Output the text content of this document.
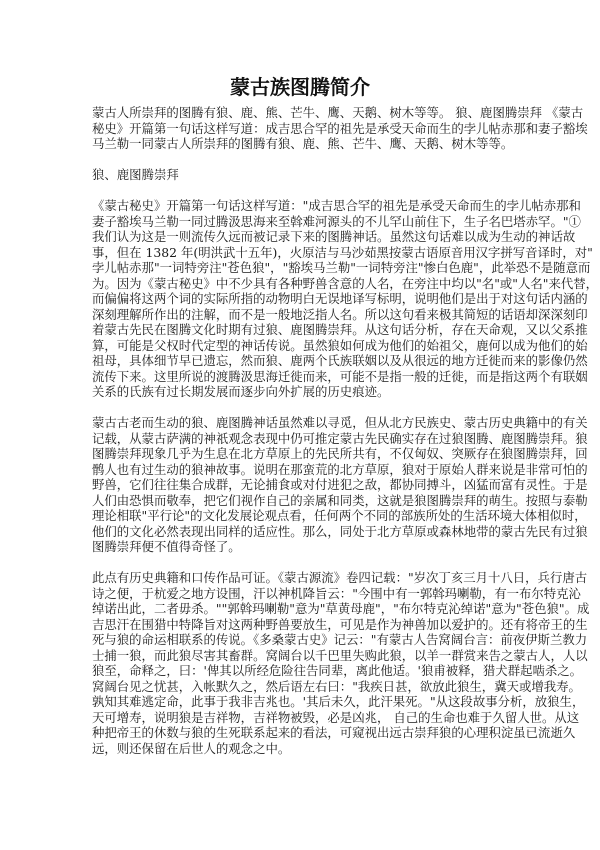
蒙古族图腾简介
蒙古人所崇拜的图腾有狼、鹿、熊、芒牛、鹰、天鹅、树木等等。 狼、鹿图腾崇拜 《蒙古
秘史》开篇第一句话这样写道：成吉思合罕的祖先是承受天命而生的孛儿帖赤那和妻子豁埃
马兰勒一同蒙古人所崇拜的图腾有狼、鹿、熊、芒牛、鹰、天鹅、树木等等。
狼、鹿图腾崇拜
《蒙古秘史》开篇第一句话这样写道："成吉思合罕的祖先是承受天命而生的孛儿帖赤那和
妻子豁埃马兰勒一同过腾汲思海来至斡难河源头的不儿罕山前住下，生子名巴塔赤罕。"①
我们认为这是一则流传久远而被记录下来的图腾神话。虽然这句话难以成为生动的神话故
事，但在 1382 年(明洪武十五年)，火原洁与马沙茹黑按蒙古语原音用汉字拼写音译时，对"
孛儿帖赤那"一词特旁注"苍色狼"，"豁埃马兰勒"一词特旁注"惨白色鹿"，此举恐不是随意而
为。因为《蒙古秘史》中不少具有各种野兽含意的人名，在旁注中均以"名"或"人名"来代替，
而偏偏将这两个词的实际所指的动物明白无误地译写标明，说明他们是出于对这句话内涵的
深刻理解所作出的注解，而不是一般地泛指人名。所以这句看来极其简短的话语却深深刻印
着蒙古先民在图腾文化时期有过狼、鹿图腾崇拜。从这句话分析，存在天命观，又以父系推
算，可能是父权时代定型的神话传说。虽然狼如何成为他们的始祖父，鹿何以成为他们的始
祖母，具体细节早已遗忘，然而狼、鹿两个氏族联姻以及从很远的地方迁徙而来的影像仍然
流传下来。这里所说的渡腾汲思海迁徙而来，可能不是指一般的迁徙，而是指这两个有联姻
关系的氏族有过长期发展而逐步向外扩展的历史痕迹。
蒙古古老而生动的狼、鹿图腾神话虽然难以寻觅，但从北方民族史、蒙古历史典籍中的有关
记载，从蒙古萨满的神祇观念表现中仍可推定蒙古先民确实存在过狼图腾、鹿图腾崇拜。狼
图腾崇拜现象几乎为生息在北方草原上的先民所共有，不仅匈奴、突厥存在狼图腾崇拜，回
鹘人也有过生动的狼神故事。说明在那蛮荒的北方草原，狼对于原始人群来说是非常可怕的
野兽，它们往往集合成群，无论捕食或对付进犯之敌，都协同搏斗，凶猛而富有灵性。于是
人们由恐惧而敬奉，把它们视作自己的亲属和同类，这就是狼图腾崇拜的萌生。按照与泰勒
理论相联"平行论"的文化发展论观点看，任何两个不同的部族所处的生活环境大体相似时，
他们的文化必然表现出同样的适应性。那么，同处于北方草原或森林地带的蒙古先民有过狼
图腾崇拜便不值得奇怪了。
此点有历史典籍和口传作品可证。《蒙古源流》卷四记载："岁次丁亥三月十八日，兵行唐古
诗之便，于杭爱之地方设围，汗以神机降旨云："今围中有一郭斡玛喇勒，有一布尔特克沁
绰诺出此，二者毋杀。""郭斡玛喇勒"意为"草黄母鹿"，"布尔特克沁绰诺"意为"苍色狼"。成
吉思汗在围猎中特降旨对这两种野兽要放生，可见是作为神兽加以爱护的。还有将帝王的生
死与狼的命运相联系的传说。《多桑蒙古史》记云："有蒙古人告窝阔台言：前夜伊斯兰教力
士捕一狼，而此狼尽害其畜群。窝阔台以千巴里失购此狼，以羊一群赏来告之蒙古人，人以
狼至，命释之，曰：'俾其以所经危险往告同辈，离此他适。'狼甫被释，猎犬群起啮杀之。
窝阔台见之忧甚，入帐默久之，然后语左右曰："我疾日甚，欲放此狼生，冀天或增我寿。
孰知其难逃定命，此事于我非吉兆也。'其后未久，此汗果死。"从这段故事分析，放狼生，
天可增寿，说明狼是吉祥物，吉祥物被毁，必是凶兆， 自己的生命也难于久留人世。从这
种把帝王的休数与狼的生死联系起来的看法，可窥视出远古崇拜狼的心理积淀虽已流逝久
远，则还保留在后世人的观念之中。
